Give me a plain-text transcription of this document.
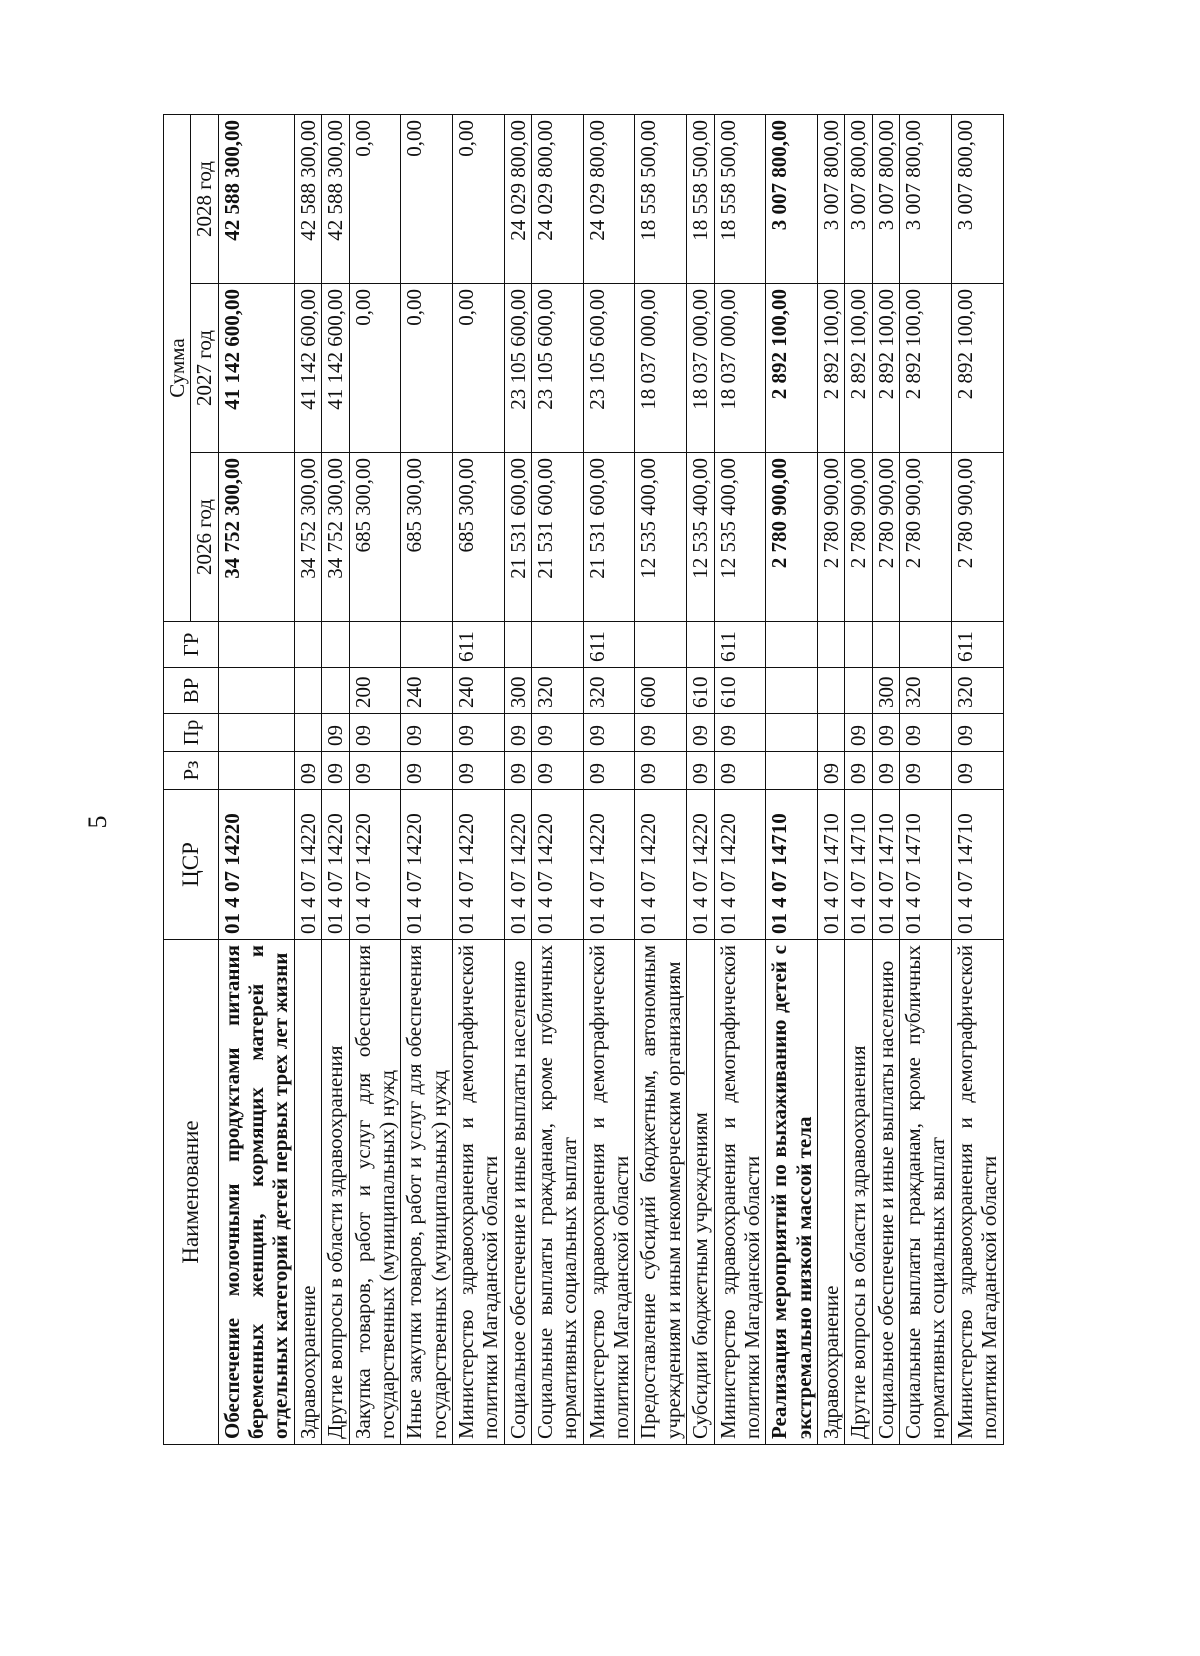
5
Наименование	ЦСР	Рз	Пр	ВР	ГР	Сумма		
						2026 год	2027 год	2028 год
Обеспечение молочными продуктами питания беременных женщин, кормящих матерей и отдельных категорий детей первых трех лет жизни	01 4 07 14220					34 752 300,00	41 142 600,00	42 588 300,00
Здравоохранение	01 4 07 14220	09				34 752 300,00	41 142 600,00	42 588 300,00
Другие вопросы в области здравоохранения	01 4 07 14220	09	09			34 752 300,00	41 142 600,00	42 588 300,00
Закупка товаров, работ и услуг для обеспечения государственных (муниципальных) нужд	01 4 07 14220	09	09	200		685 300,00	0,00	0,00
Иные закупки товаров, работ и услуг для обеспечения государственных (муниципальных) нужд	01 4 07 14220	09	09	240		685 300,00	0,00	0,00
Министерство здравоохранения и демографической политики Магаданской области	01 4 07 14220	09	09	240	611	685 300,00	0,00	0,00
Социальное обеспечение и иные выплаты населению	01 4 07 14220	09	09	300		21 531 600,00	23 105 600,00	24 029 800,00
Социальные выплаты гражданам, кроме публичных нормативных социальных выплат	01 4 07 14220	09	09	320		21 531 600,00	23 105 600,00	24 029 800,00
Министерство здравоохранения и демографической политики Магаданской области	01 4 07 14220	09	09	320	611	21 531 600,00	23 105 600,00	24 029 800,00
Предоставление субсидий бюджетным, автономным учреждениям и иным некоммерческим организациям	01 4 07 14220	09	09	600		12 535 400,00	18 037 000,00	18 558 500,00
Субсидии бюджетным учреждениям	01 4 07 14220	09	09	610		12 535 400,00	18 037 000,00	18 558 500,00
Министерство здравоохранения и демографической политики Магаданской области	01 4 07 14220	09	09	610	611	12 535 400,00	18 037 000,00	18 558 500,00
Реализация мероприятий по выхаживанию детей с экстремально низкой массой тела	01 4 07 14710					2 780 900,00	2 892 100,00	3 007 800,00
Здравоохранение	01 4 07 14710	09				2 780 900,00	2 892 100,00	3 007 800,00
Другие вопросы в области здравоохранения	01 4 07 14710	09	09			2 780 900,00	2 892 100,00	3 007 800,00
Социальное обеспечение и иные выплаты населению	01 4 07 14710	09	09	300		2 780 900,00	2 892 100,00	3 007 800,00
Социальные выплаты гражданам, кроме публичных нормативных социальных выплат	01 4 07 14710	09	09	320		2 780 900,00	2 892 100,00	3 007 800,00
Министерство здравоохранения и демографической политики Магаданской области	01 4 07 14710	09	09	320	611	2 780 900,00	2 892 100,00	3 007 800,00
